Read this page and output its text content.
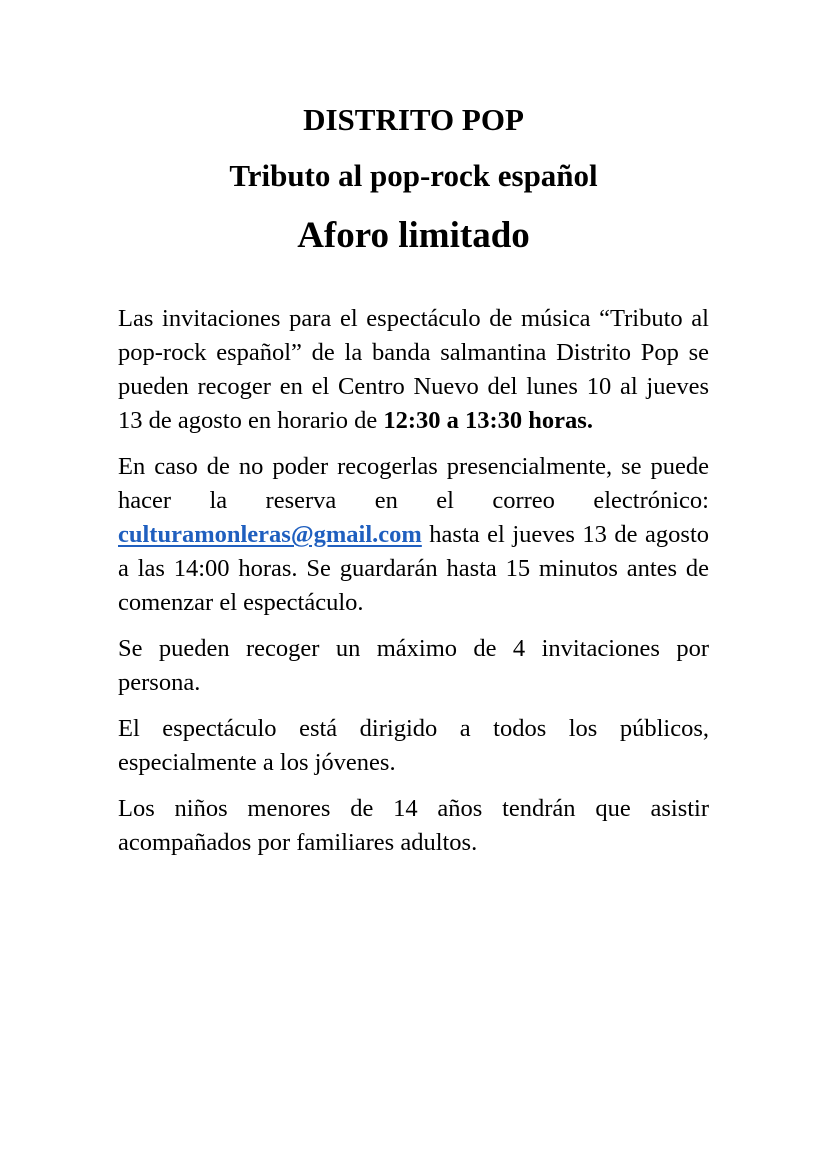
DISTRITO POP
Tributo al pop-rock español
Aforo limitado

Las invitaciones para el espectáculo de música “Tributo al pop-rock español” de la banda salmantina Distrito Pop se pueden recoger en el Centro Nuevo del lunes 10 al jueves 13 de agosto en horario de 12:30 a 13:30 horas.

En caso de no poder recogerlas presencialmente, se puede hacer la reserva en el correo electrónico: culturamonleras@gmail.com hasta el jueves 13 de agosto a las 14:00 horas. Se guardarán hasta 15 minutos antes de comenzar el espectáculo.

Se pueden recoger un máximo de 4 invitaciones por persona.

El espectáculo está dirigido a todos los públicos, especialmente a los jóvenes.

Los niños menores de 14 años tendrán que asistir acompañados por familiares adultos.
